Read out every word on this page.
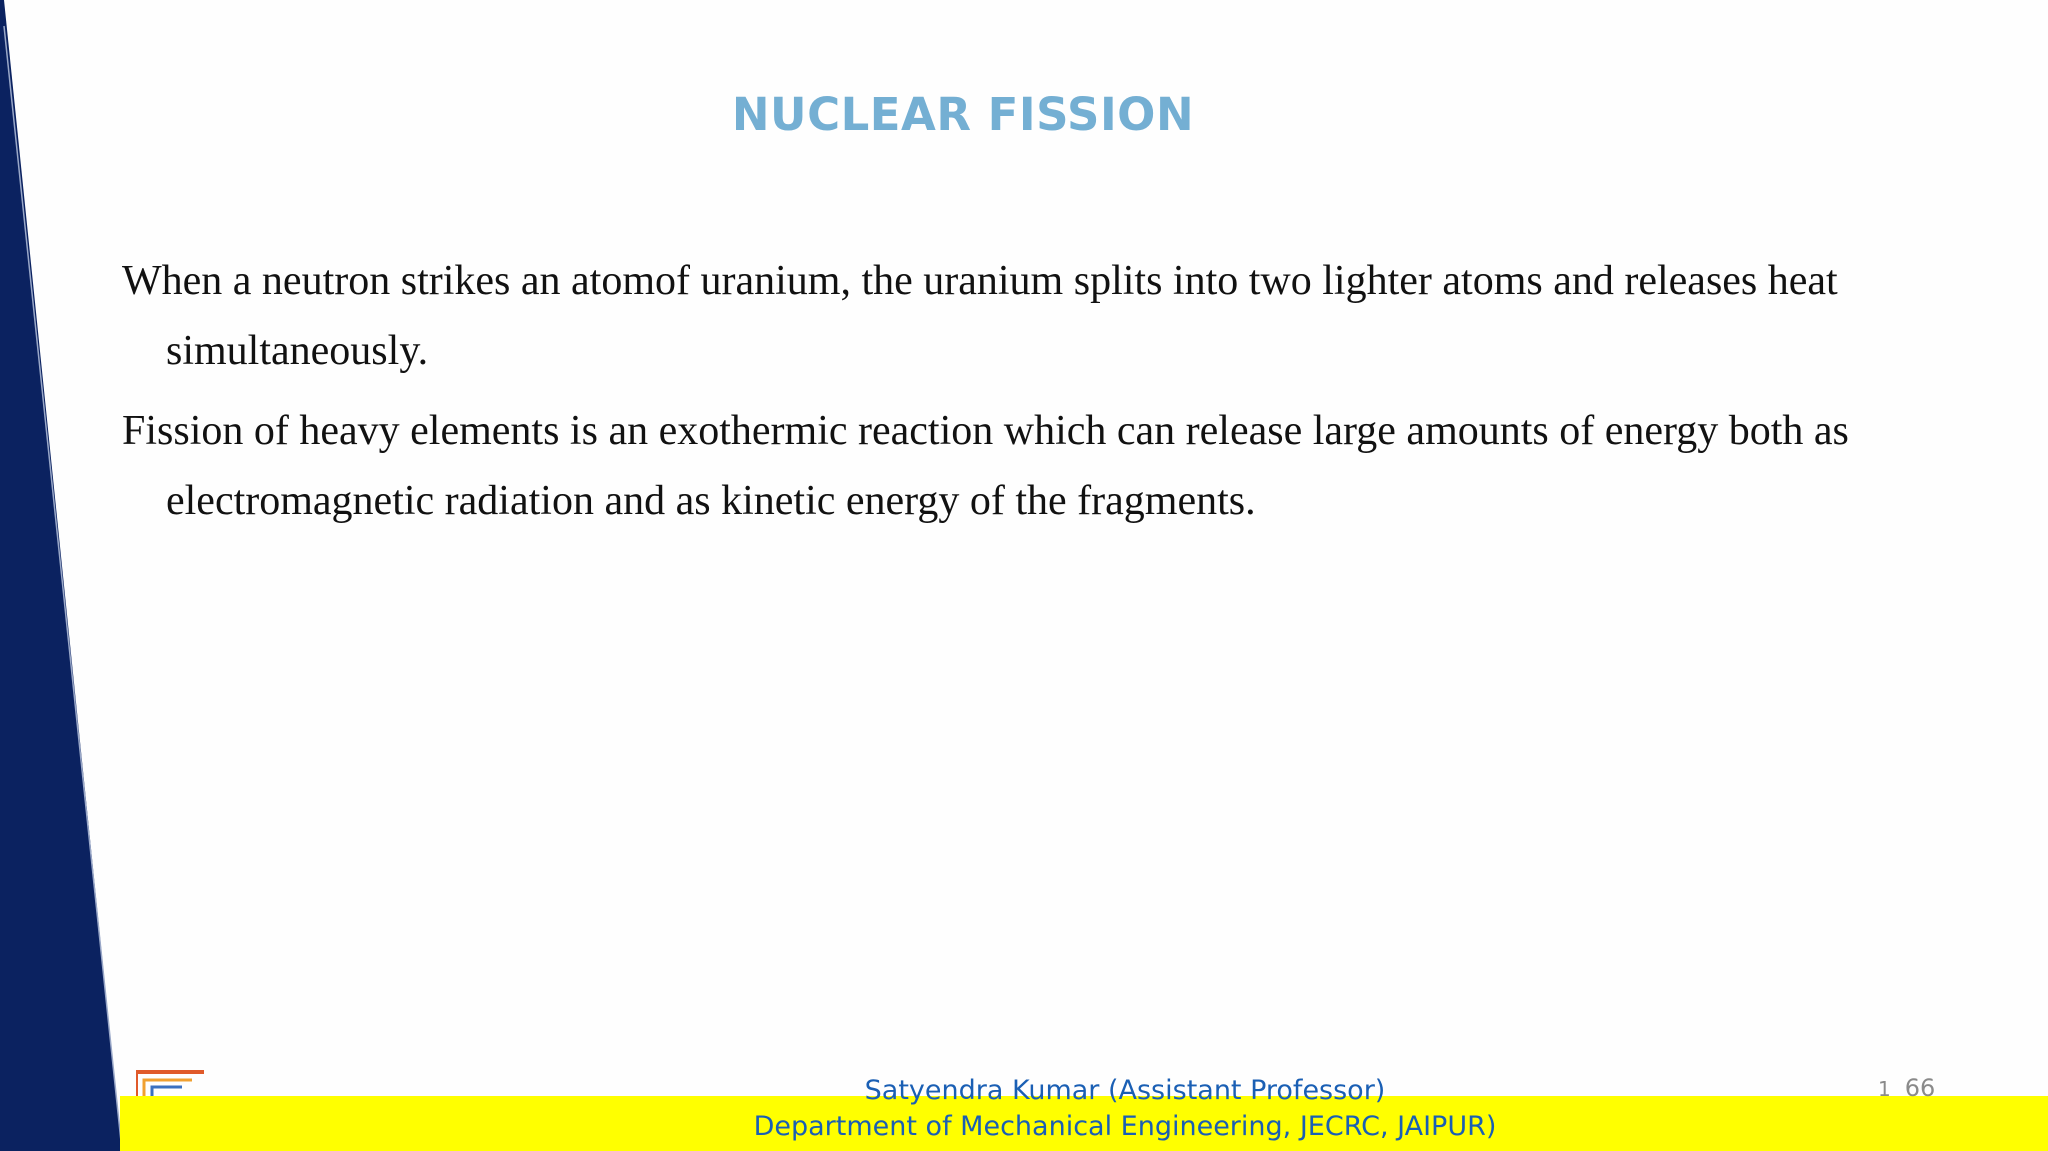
NUCLEAR FISSION

When a neutron strikes an atomof uranium, the uranium splits into two lighter atoms and releases heat simultaneously.

Fission of heavy elements is an exothermic reaction which can release large amounts of energy both as electromagnetic radiation and as kinetic energy of the fragments.

Satyendra Kumar (Assistant Professor)
Department of Mechanical Engineering, JECRC, JAIPUR)
1 66
